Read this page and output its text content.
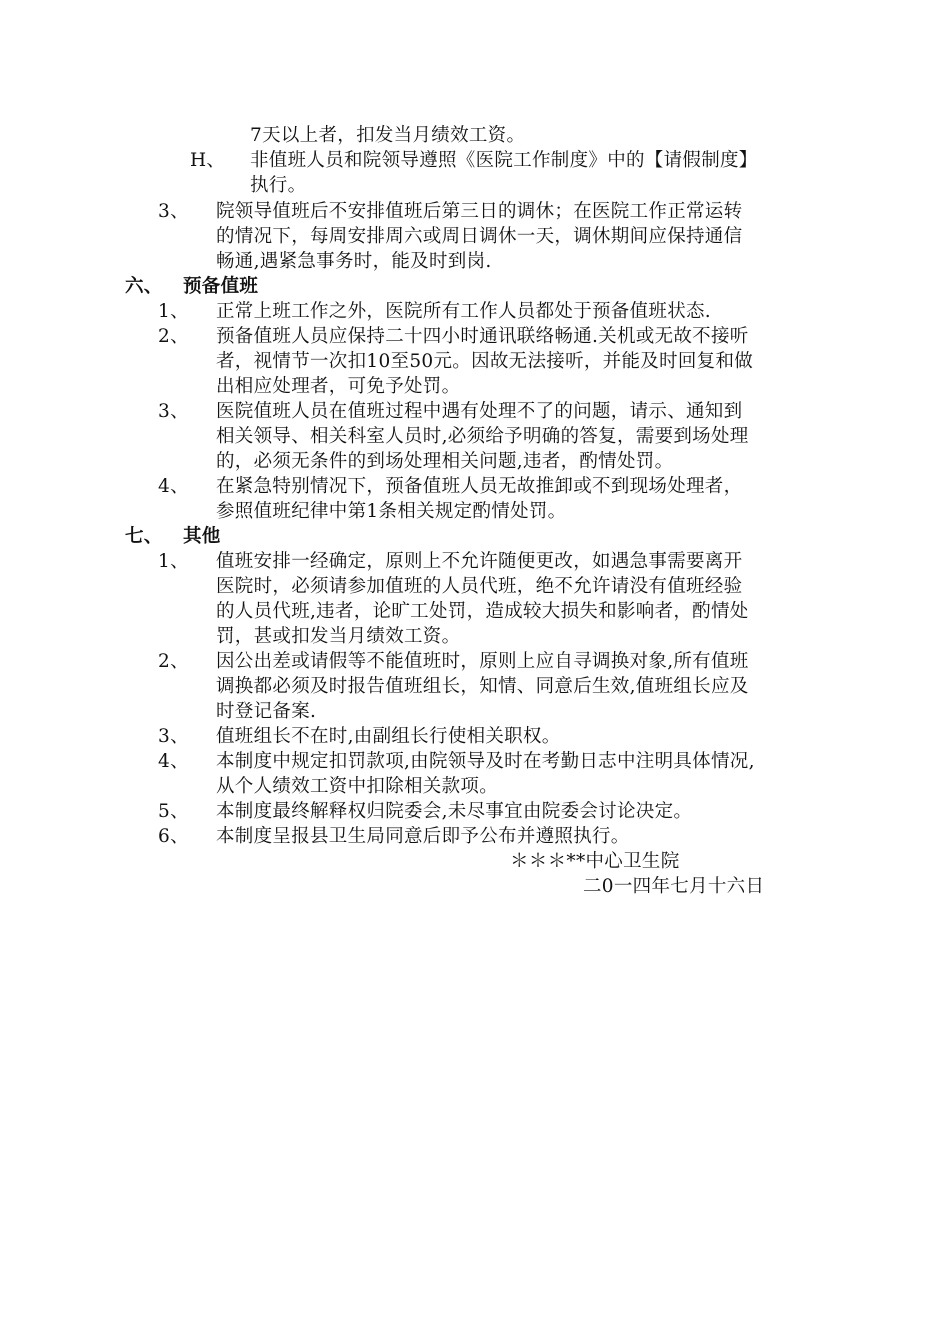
7天以上者，扣发当月绩效工资。
H、	非值班人员和院领导遵照《医院工作制度》中的【请假制度】
执行。
3、	院领导值班后不安排值班后第三日的调休；在医院工作正常运转
的情况下，每周安排周六或周日调休一天，调休期间应保持通信
畅通,遇紧急事务时，能及时到岗.
六、 预备值班
1、	正常上班工作之外，医院所有工作人员都处于预备值班状态.
2、	预备值班人员应保持二十四小时通讯联络畅通.关机或无故不接听
者，视情节一次扣10至50元。因故无法接听，并能及时回复和做
出相应处理者，可免予处罚。
3、	医院值班人员在值班过程中遇有处理不了的问题，请示、通知到
相关领导、相关科室人员时,必须给予明确的答复，需要到场处理
的，必须无条件的到场处理相关问题,违者，酌情处罚。
4、	在紧急特别情况下，预备值班人员无故推卸或不到现场处理者，
参照值班纪律中第1条相关规定酌情处罚。
七、 其他
1、	值班安排一经确定，原则上不允许随便更改，如遇急事需要离开
医院时，必须请参加值班的人员代班，绝不允许请没有值班经验
的人员代班,违者，论旷工处罚，造成较大损失和影响者，酌情处
罚，甚或扣发当月绩效工资。
2、	因公出差或请假等不能值班时，原则上应自寻调换对象,所有值班
调换都必须及时报告值班组长，知情、同意后生效,值班组长应及
时登记备案.
3、	值班组长不在时,由副组长行使相关职权。
4、	本制度中规定扣罚款项,由院领导及时在考勤日志中注明具体情况,
从个人绩效工资中扣除相关款项。
5、	本制度最终解释权归院委会,未尽事宜由院委会讨论决定。
6、	本制度呈报县卫生局同意后即予公布并遵照执行。
＊＊＊**中心卫生院
二0一四年七月十六日
